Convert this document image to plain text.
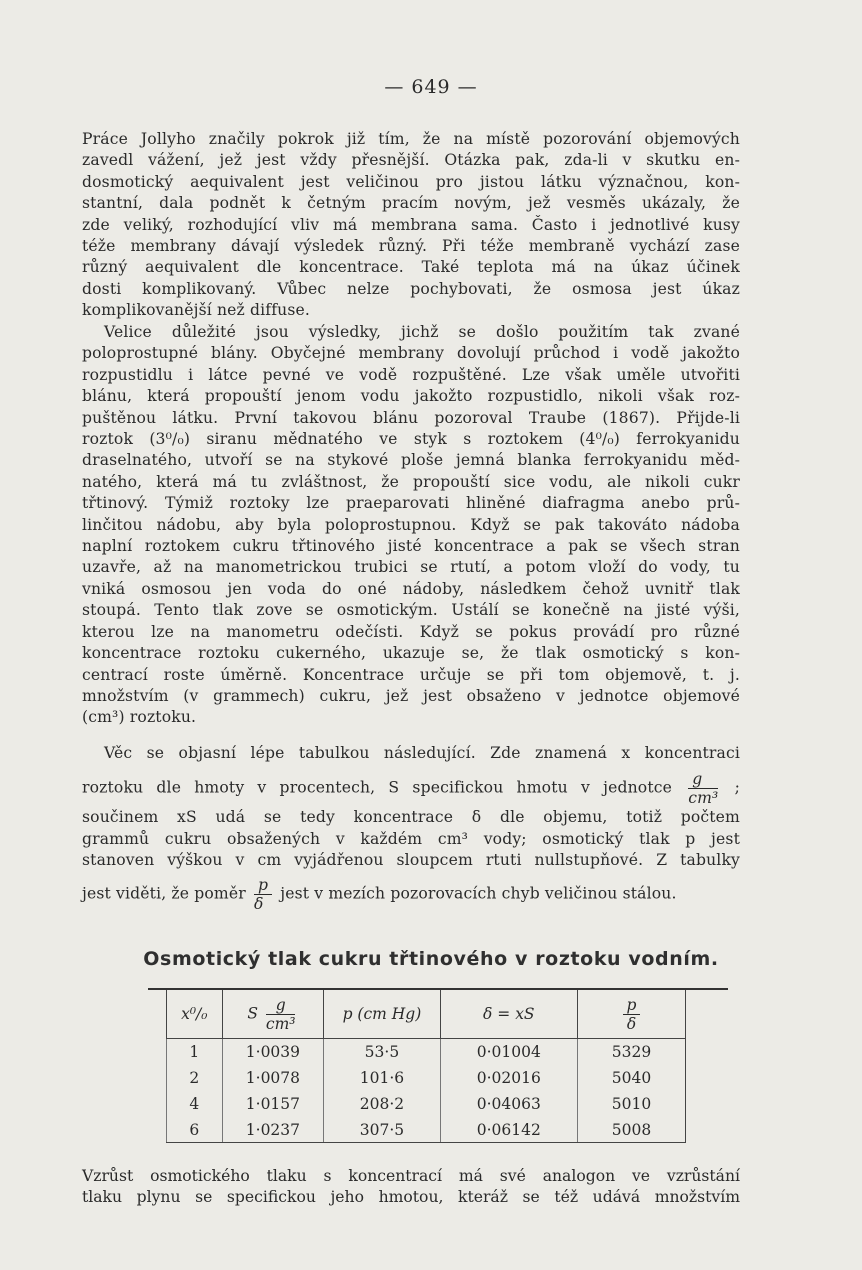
— 649 —
Práce Jollyho značily pokrok již tím, že na místě pozorování objemových
zavedl vážení, jež jest vždy přesnější. Otázka pak, zda-li v skutku en-
dosmotický aequivalent jest veličinou pro jistou látku význačnou, kon-
stantní, dala podnět k četným pracím novým, jež vesměs ukázaly, že
zde veliký, rozhodující vliv má membrana sama. Často i jednotlivé kusy
téže membrany dávají výsledek různý. Při téže membraně vychází zase
různý aequivalent dle koncentrace. Také teplota má na úkaz účinek
dosti komplikovaný. Vůbec nelze pochybovati, že osmosa jest úkaz
komplikovanější než diffuse.
Velice důležité jsou výsledky, jichž se došlo použitím tak zvané
poloprostupné blány. Obyčejné membrany dovolují průchod i vodě jakožto
rozpustidlu i látce pevné ve vodě rozpuštěné. Lze však uměle utvořiti
blánu, která propouští jenom vodu jakožto rozpustidlo, nikoli však roz-
puštěnou látku. První takovou blánu pozoroval Traube (1867). Přijde-li
roztok (3⁰/₀) siranu mědnatého ve styk s roztokem (4⁰/₀) ferrokyanidu
draselnatého, utvoří se na stykové ploše jemná blanka ferrokyanidu měd-
natého, která má tu zvláštnost, že propouští sice vodu, ale nikoli cukr
třtinový. Týmiž roztoky lze praeparovati hliněné diafragma anebo prů-
linčitou nádobu, aby byla poloprostupnou. Když se pak takováto nádoba
naplní roztokem cukru třtinového jisté koncentrace a pak se všech stran
uzavře, až na manometrickou trubici se rtutí, a potom vloží do vody, tu
vniká osmosou jen voda do oné nádoby, následkem čehož uvnitř tlak
stoupá. Tento tlak zove se osmotickým. Ustálí se konečně na jisté výši,
kterou lze na manometru odečísti. Když se pokus provádí pro různé
koncentrace roztoku cukerného, ukazuje se, že tlak osmotický s kon-
centrací roste úměrně. Koncentrace určuje se při tom objemově, t. j.
množstvím (v grammech) cukru, jež jest obsaženo v jednotce objemové
(cm³) roztoku.
Věc se objasní lépe tabulkou následující. Zde znamená x koncentraci
roztoku dle hmoty v procentech, S specifickou hmotu v jednotce $\frac{g}{\text{cm³}}$ ;
součinem xS udá se tedy koncentrace δ dle objemu, totiž počtem
grammů cukru obsažených v každém cm³ vody; osmotický tlak p jest
stanoven výškou v cm vyjádřenou sloupcem rtuti nullstupňové. Z tabulky
jest viděti, že poměr $\frac{p}{\delta}$ jest v mezích pozorovacích chyb veličinou stálou.
Osmotický tlak cukru třtinového v roztoku vodním.
x⁰/₀	S $\frac{g}{\text{cm³}}$	p (cm Hg)	δ = xS	$\frac{p}{\delta}$

1	1·0039	53·5	0·01004	5329
2	1·0078	101·6	0·02016	5040
4	1·0157	208·2	0·04063	5010
6	1·0237	307·5	0·06142	5008
Vzrůst osmotického tlaku s koncentrací má své analogon ve vzrůstání
tlaku plynu se specifickou jeho hmotou, kteráž se též udává množstvím
